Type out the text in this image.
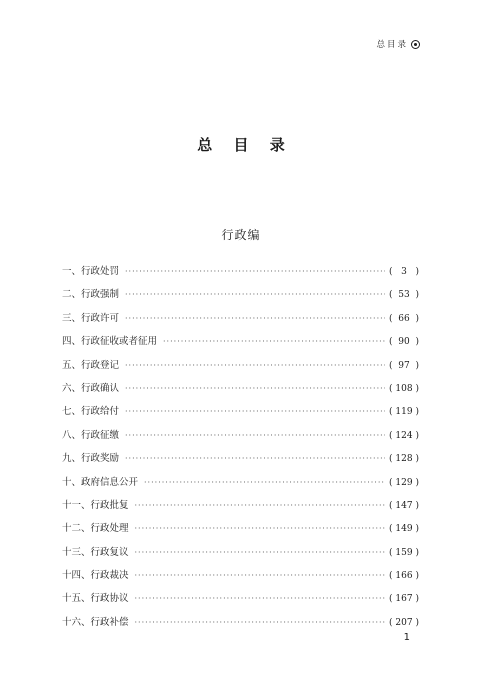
总目录
总 目 录
行政编
一、行政处罚 ·····	( 3 )
二、行政强制 ·····	( 53 )
三、行政许可 ·····	( 66 )
四、行政征收或者征用 ·····	( 90 )
五、行政登记 ·····	( 97 )
六、行政确认 ·····	( 108 )
七、行政给付 ·····	( 119 )
八、行政征缴 ·····	( 124 )
九、行政奖励 ·····	( 128 )
十、政府信息公开 ·····	( 129 )
十一、行政批复 ·····	( 147 )
十二、行政处理 ·····	( 149 )
十三、行政复议 ·····	( 159 )
十四、行政裁决 ·····	( 166 )
十五、行政协议 ·····	( 167 )
十六、行政补偿 ·····	( 207 )
1
